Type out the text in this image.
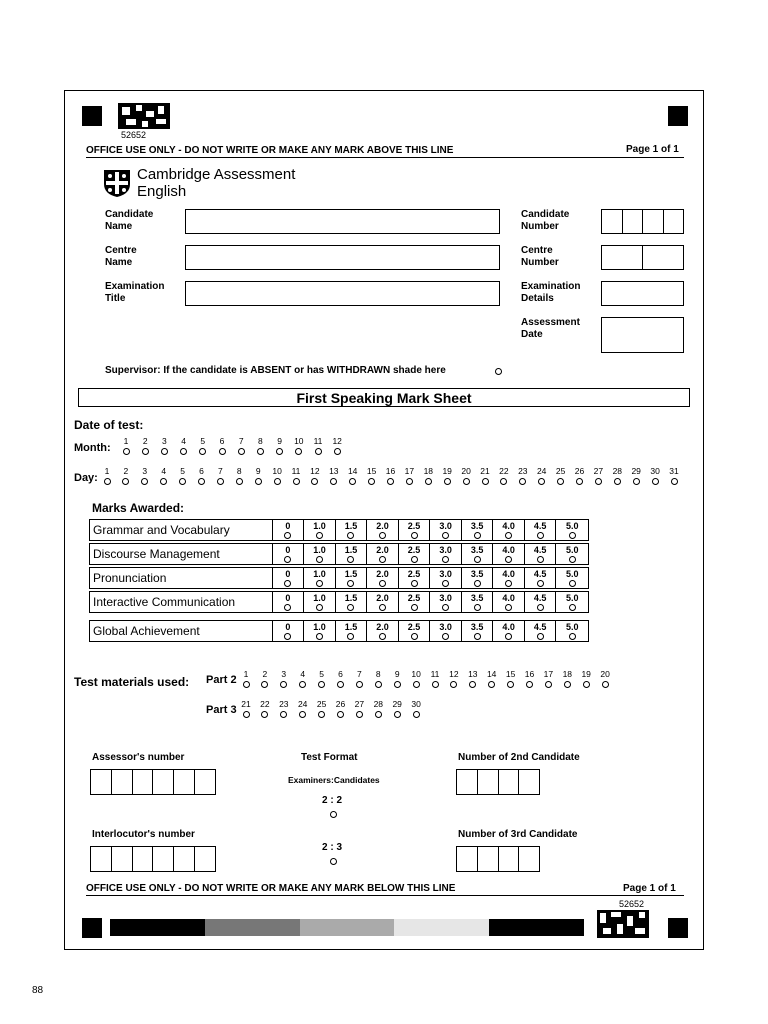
52652
OFFICE USE ONLY - DO NOT WRITE OR MAKE ANY MARK ABOVE THIS LINE	Page 1 of 1
Cambridge Assessment
English
Candidate Name
Centre Name
Examination Title
Candidate Number
Centre Number
Examination Details
Assessment Date
Supervisor: If the candidate is ABSENT or has WITHDRAWN shade here
First Speaking Mark Sheet
Date of test:
Month:
Day:
1	2	3	4	5	6	7	8	9	10	11	12
1	2	3	4	5	6	7	8	9	10	11	12	13	14	15	16	17	18	19	20	21	22	23	24	25	26	27	28	29	30	31
Marks Awarded:
Grammar and Vocabulary	0	1.0 1.5 2.0 2.5 3.0 3.5 4.0 4.5 5.0
Discourse Management	0	1.0 1.5 2.0 2.5 3.0 3.5 4.0 4.5 5.0
Pronunciation	0	1.0 1.5 2.0 2.5 3.0 3.5 4.0 4.5 5.0
Interactive Communication	0	1.0 1.5 2.0 2.5 3.0 3.5 4.0 4.5 5.0
Global Achievement	0	1.0 1.5 2.0 2.5 3.0 3.5 4.0 4.5 5.0
Test materials used: Part 2
Part 3
1	2	3	4	5	6	7	8	9	10	11	12	13	14	15	16	17	18	19	20
21	22	23	24	25	26	27	28	29	30
Assessor's number
Interlocutor's number
Test Format
Examiners:Candidates
2 : 2
2 : 3
Number of 2nd Candidate
Number of 3rd Candidate
OFFICE USE ONLY - DO NOT WRITE OR MAKE ANY MARK BELOW THIS LINE	Page 1 of 1
52652
88
